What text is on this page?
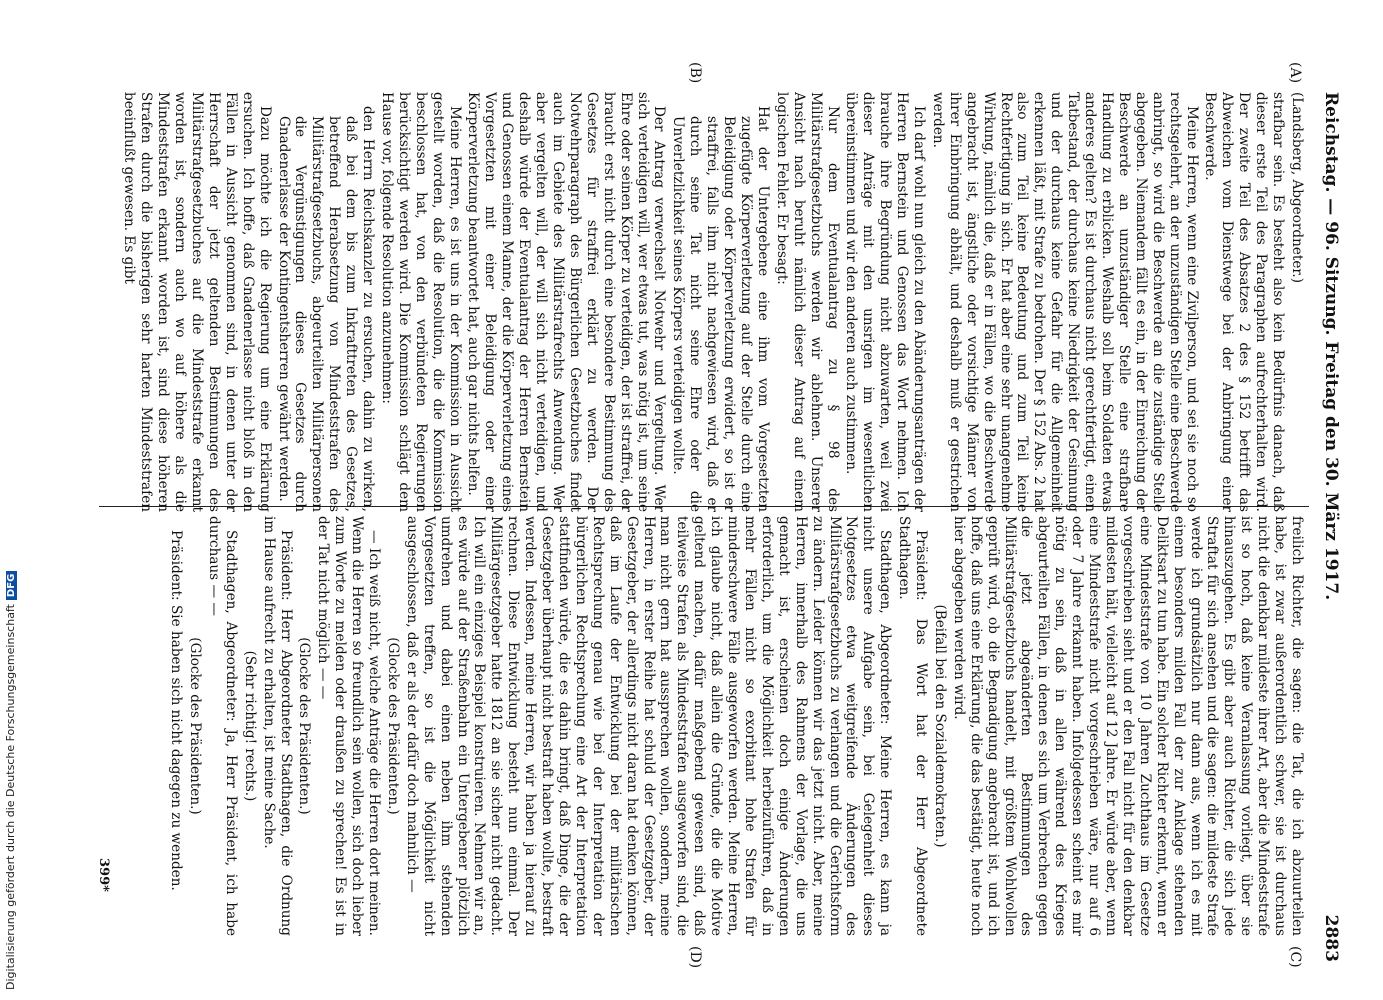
Reichstag. — 96. Sitzung. Freitag den 30. März 1917.
2883
(A)
(B)
(C)
(D)

(Landsberg, Abgeordneter.)

strafbar sein. Es besteht also kein Bedürfnis danach, daß dieser erste Teil des Paragraphen aufrechterhalten wird. Der zweite Teil des Absatzes 2 des § 152 betrifft das Abweichen vom Dienstwege bei der Anbringung einer Beschwerde.

Meine Herren, wenn eine Zivilperson, und sei sie noch so rechtsgelehrt, an der unzuständigen Stelle eine Beschwerde anbringt, so wird die Beschwerde an die zuständige Stelle abgegeben. Niemandem fällt es ein, in der Einreichung der Beschwerde an unzuständiger Stelle eine strafbare Handlung zu erblicken. Weshalb soll beim Soldaten etwas anderes gelten? Es ist durchaus nicht gerechtfertigt, einen Tatbestand, der durchaus keine Niedrigkeit der Gesinnung und der durchaus keine Gefahr für die Allgemeinheit erkennen läßt, mit Strafe zu bedrohen. Der § 152 Abs. 2 hat also zum Teil keine Bedeutung und zum Teil keine Rechtfertigung in sich. Er hat aber eine sehr unangenehme Wirkung, nämlich die, daß er in Fällen, wo die Beschwerde angebracht ist, ängstliche oder vorsichtige Männer von ihrer Einbringung abhält, und deshalb muß er gestrichen werden.

Ich darf wohl nun gleich zu den Abänderungsanträgen der Herren Bernstein und Genossen das Wort nehmen. Ich brauche ihre Begründung nicht abzuwarten, weil zwei dieser Anträge mit den unsrigen im wesentlichen übereinstimmen und wir den anderen auch zustimmen.

Nur dem Eventualantrag zu § 98 des Militärstrafgesetzbuchs werden wir ablehnen. Unserer Ansicht nach beruht nämlich dieser Antrag auf einem logischen Fehler. Er besagt:

Hat der Untergebene eine ihm vom Vorgesetzten zugefügte Körperverletzung auf der Stelle durch eine Beleidigung oder Körperverletzung erwidert, so ist er straffrei, falls ihm nicht nachgewiesen wird, daß er durch seine Tat nicht seine Ehre oder die Unverletzlichkeit seines Körpers verteidigen wollte.

Der Antrag verwechselt Notwehr und Vergeltung. Wer sich verteidigen will, wer etwas tut, was nötig ist, um seine Ehre oder seinen Körper zu verteidigen, der ist straffrei, der braucht erst nicht durch eine besondere Bestimmung des Gesetzes für straffrei erklärt zu werden. Der Notwehrparagraph des Bürgerlichen Gesetzbuches findet auch im Gebiete des Militärstrafrechts Anwendung. Wer aber vergelten will, der will sich nicht verteidigen, und deshalb würde der Eventualantrag der Herren Bernstein und Genossen einem Manne, der die Körperverletzung eines Vorgesetzten mit einer Beleidigung oder einer Körperverletzung beantwortet hat, auch gar nichts helfen.

Meine Herren, es ist uns in der Kommission in Aussicht gestellt worden, daß die Resolution, die die Kommission beschlossen hat, von den verbündeten Regierungen berücksichtigt werden wird. Die Kommission schlägt dem Hause vor, folgende Resolution anzunehmen:

den Herrn Reichskanzler zu ersuchen, dahin zu wirken, daß bei dem bis zum Inkrafttreten des Gesetzes, betreffend Herabsetzung von Mindeststrafen des Militärstrafgesetzbuchs, abgeurteilten Militärpersonen die Vergünstigungen dieses Gesetzes durch Gnadenerlasse der Kontingentsherren gewährt werden.

Dazu möchte ich die Regierung um eine Erklärung ersuchen. Ich hoffe, daß Gnadenerlasse nicht bloß in den Fällen in Aussicht genommen sind, in denen unter der Herrschaft der jetzt geltenden Bestimmungen des Militärstrafgesetzbuches auf die Mindeststrafe erkannt worden ist, sondern auch wo auf höhere als die Mindeststrafen erkannt worden ist, sind diese höheren Strafen durch die bisherigen sehr harten Mindeststrafen beeinflußt gewesen. Es gibt

freilich Richter, die sagen: die Tat, die ich abzuurteilen habe, ist zwar außerordentlich schwer, sie ist durchaus nicht die denkbar mildeste ihrer Art, aber die Mindeststrafe ist so hoch, daß keine Veranlassung vorliegt, über sie hinauszugehen. Es gibt aber auch Richter, die sich jede Straftat für sich ansehen und die sagen: die mildeste Strafe werde ich grundsätzlich nur dann aus, wenn ich es mit einem besonders milden Fall der zur Anklage stehenden Deliktsart zu tun habe. Ein solcher Richter erkennt, wenn er eine Mindeststrafe von 10 Jahren Zuchthaus im Gesetze vorgeschrieben sieht und er den Fall nicht für den denkbar mildesten hält, vielleicht auf 12 Jahre. Er würde aber, wenn eine Mindeststrafe nicht vorgeschrieben wäre, nur auf 6 oder 7 Jahre erkannt haben. Infolgedessen scheint es mir nötig zu sein, daß in allen während des Krieges abgeurteilten Fällen, in denen es sich um Verbrechen gegen die jetzt abgeänderten Bestimmungen des Militärstrafgesetzbuchs handelt, mit größtem Wohlwollen geprüft wird, ob die Begnadigung angebracht ist, und ich hoffe, daß uns eine Erklärung, die das bestätigt, heute noch hier abgegeben werden wird.

(Beifall bei den Sozialdemokraten.)

Präsident: Das Wort hat der Herr Abgeordnete Stadthagen.

Stadthagen, Abgeordneter: Meine Herren, es kann ja nicht unsere Aufgabe sein, bei Gelegenheit dieses Notgesetzes etwa weitgreifende Änderungen des Militärstrafgesetzbuchs zu verlangen und die Gerichtsform zu ändern. Leider können wir das jetzt nicht. Aber, meine Herren, innerhalb des Rahmens der Vorlage, die uns gemacht ist, erscheinen doch einige Änderungen erforderlich, um die Möglichkeit herbeizuführen, daß in mehr Fällen nicht so exorbitant hohe Strafen für minderschwere Fälle ausgeworfen werden. Meine Herren, ich glaube nicht, daß allein die Gründe, die die Motive geltend machen, dafür maßgebend gewesen sind, daß teilweise Strafen als Mindeststrafen ausgeworfen sind, die man nicht gern hat aussprechen wollen, sondern, meine Herren, in erster Reihe hat schuld der Gesetzgeber, der Gesetzgeber, der allerdings nicht daran hat denken können, daß im Laufe der Entwicklung bei der militärischen Rechtsprechung genau wie bei der Interpretation der bürgerlichen Rechtsprechung eine Art der Interpretation stattfinden würde, die es dahin bringt, daß Dinge, die der Gesetzgeber überhaupt nicht bestraft haben wollte, bestraft werden. Indessen, meine Herren, wir haben ja hierauf zu rechnen. Diese Entwicklung besteht nun einmal. Der Militärgesetzgeber hatte 1812 an sie sicher nicht gedacht. Ich will ein einziges Beispiel konstruieren. Nehmen wir an, es würde auf der Straßenbahn ein Untergebener plötzlich umdrehen und dabei einen neben ihm stehenden Vorgesetzten treffen, so ist die Möglichkeit nicht ausgeschlossen, daß er als der dafür doch mahnlich —

(Glocke des Präsidenten.)

— Ich weiß nicht, welche Anträge die Herren dort meinen. Wenn die Herren so freundlich sein wollen, sich doch lieber zum Worte zu melden oder draußen zu sprechen! Es ist in der Tat nicht möglich — —

(Glocke des Präsidenten.)

Präsident: Herr Abgeordneter Stadthagen, die Ordnung im Hause aufrecht zu erhalten, ist meine Sache.

(Sehr richtig! rechts.)

Stadthagen, Abgeordneter: Ja, Herr Präsident, ich habe durchaus — —

(Glocke des Präsidenten.)

Präsident: Sie haben sich nicht dagegen zu wenden.

399*
Digitalisierung gefördert durch die Deutsche ForschungsgemeinschaftDFG
